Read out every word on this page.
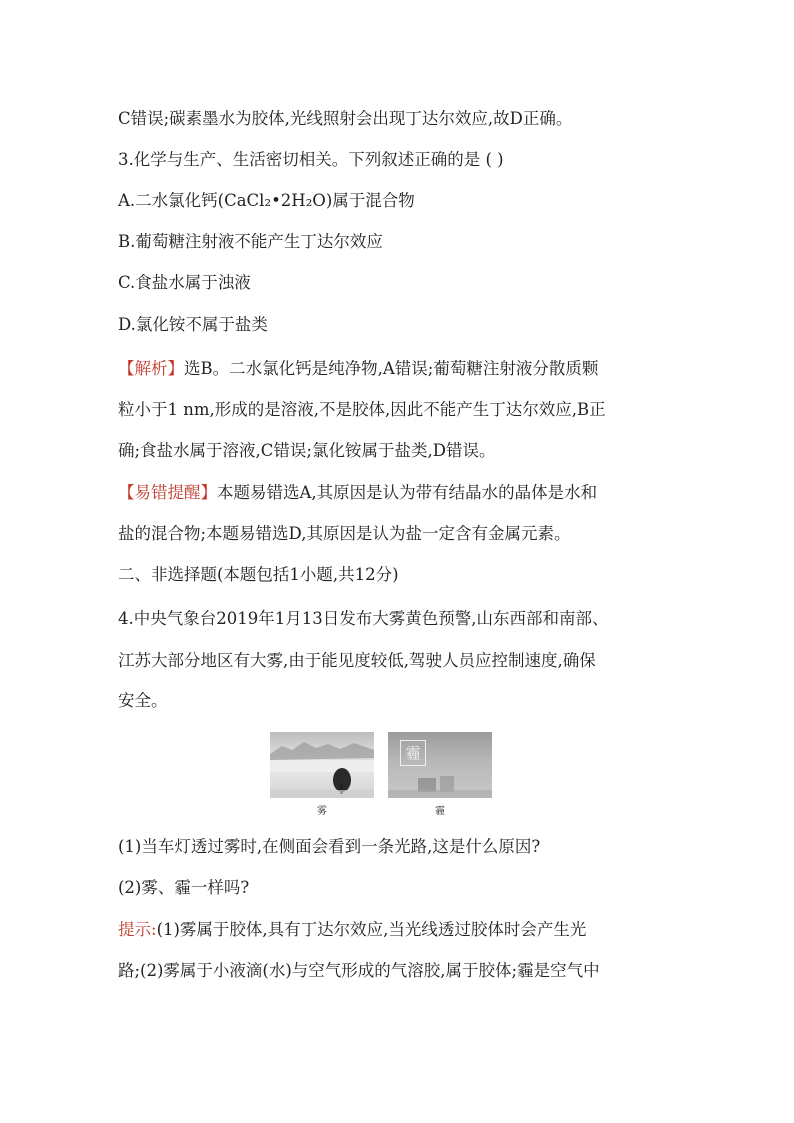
C错误;碳素墨水为胶体,光线照射会出现丁达尔效应,故D正确。
3.化学与生产、生活密切相关。下列叙述正确的是 ( )
A.二水氯化钙(CaCl₂•2H₂O)属于混合物
B.葡萄糖注射液不能产生丁达尔效应
C.食盐水属于浊液
D.氯化铵不属于盐类
【解析】选B。二水氯化钙是纯净物,A错误;葡萄糖注射液分散质颗
粒小于1 nm,形成的是溶液,不是胶体,因此不能产生丁达尔效应,B正
确;食盐水属于溶液,C错误;氯化铵属于盐类,D错误。
【易错提醒】本题易错选A,其原因是认为带有结晶水的晶体是水和
盐的混合物;本题易错选D,其原因是认为盐一定含有金属元素。
二、非选择题(本题包括1小题,共12分)
4.中央气象台2019年1月13日发布大雾黄色预警,山东西部和南部、
江苏大部分地区有大雾,由于能见度较低,驾驶人员应控制速度,确保
安全。
雾
霾
霾
(1)当车灯透过雾时,在侧面会看到一条光路,这是什么原因?
(2)雾、霾一样吗?
提示:(1)雾属于胶体,具有丁达尔效应,当光线透过胶体时会产生光
路;(2)雾属于小液滴(水)与空气形成的气溶胶,属于胶体;霾是空气中
